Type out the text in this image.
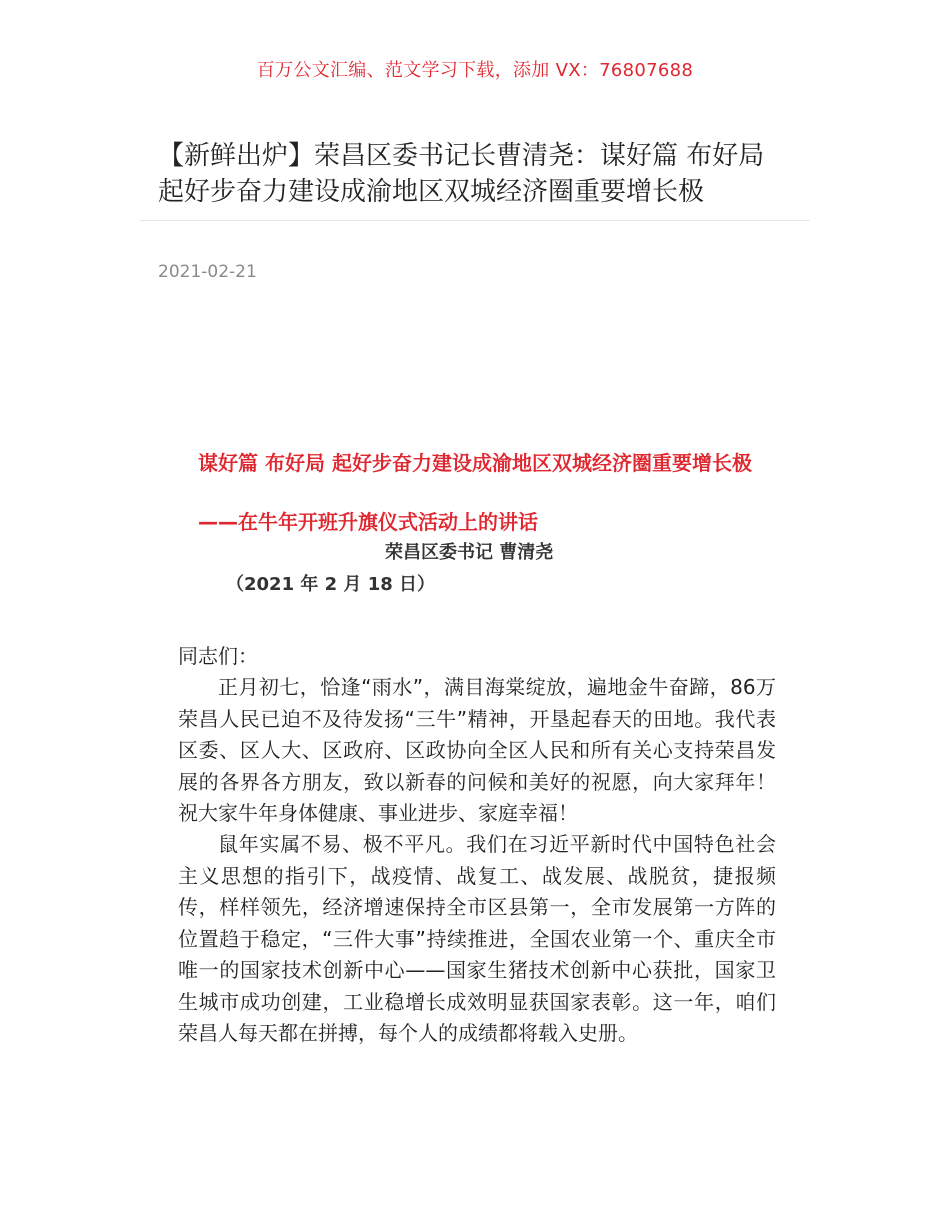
百万公文汇编、范文学习下载，添加 VX：76807688
【新鲜出炉】荣昌区委书记长曹清尧：谋好篇 布好局 起好步奋力建设成渝地区双城经济圈重要增长极
2021-02-21
谋好篇 布好局 起好步奋力建设成渝地区双城经济圈重要增长极
——在牛年开班升旗仪式活动上的讲话
荣昌区委书记 曹清尧
（2021 年 2 月 18 日）
同志们：

正月初七，恰逢“雨水”，满目海棠绽放，遍地金牛奋蹄，86万荣昌人民已迫不及待发扬“三牛”精神，开垦起春天的田地。我代表区委、区人大、区政府、区政协向全区人民和所有关心支持荣昌发展的各界各方朋友，致以新春的问候和美好的祝愿，向大家拜年！祝大家牛年身体健康、事业进步、家庭幸福！

鼠年实属不易、极不平凡。我们在习近平新时代中国特色社会主义思想的指引下，战疫情、战复工、战发展、战脱贫，捷报频传，样样领先，经济增速保持全市区县第一，全市发展第一方阵的位置趋于稳定，“三件大事”持续推进，全国农业第一个、重庆全市唯一的国家技术创新中心——国家生猪技术创新中心获批，国家卫生城市成功创建，工业稳增长成效明显获国家表彰。这一年，咱们荣昌人每天都在拼搏，每个人的成绩都将载入史册。
